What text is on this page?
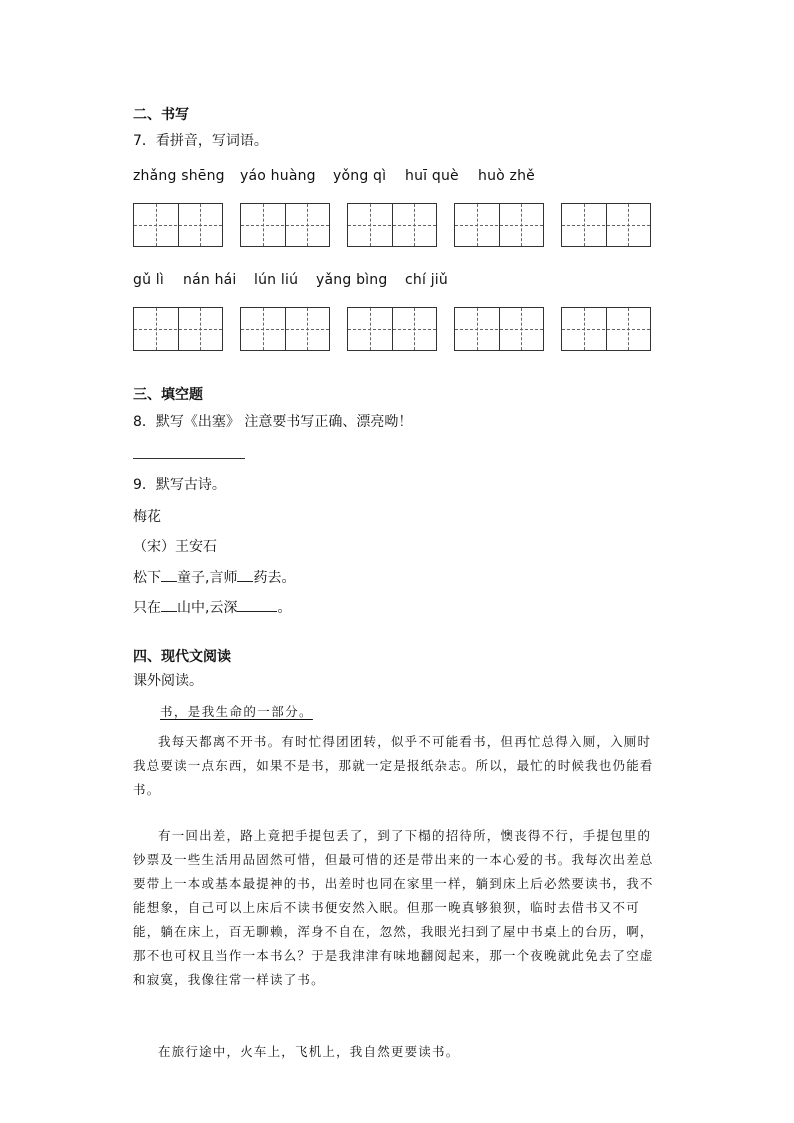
二、书写
7．看拼音，写词语。
zhǎng shēng yáo huàng yǒng qì huī què huò zhě
gǔ lì nán hái lún liú yǎng bìng chí jiǔ
三、填空题
8．默写《出塞》 注意要书写正确、漂亮呦！
9．默写古诗。
梅花
（宋）王安石
松下 童子,言师 药去。
只在 山中,云深	。
四、现代文阅读
课外阅读。
书，是我生命的一部分。
我每天都离不开书。有时忙得团团转，似乎不可能看书，但再忙总得入厕，入厕时我总要读一点东西，如果不是书，那就一定是报纸杂志。所以，最忙的时候我也仍能看书。
有一回出差，路上竟把手提包丢了，到了下榻的招待所，懊丧得不行，手提包里的钞票及一些生活用品固然可惜，但最可惜的还是带出来的一本心爱的书。我每次出差总要带上一本或基本最提神的书，出差时也同在家里一样，躺到床上后必然要读书，我不能想象，自己可以上床后不读书便安然入眠。但那一晚真够狼狈，临时去借书又不可能，躺在床上，百无聊赖，浑身不自在，忽然，我眼光扫到了屋中书桌上的台历，啊，那不也可权且当作一本书么？于是我津津有味地翻阅起来，那一个夜晚就此免去了空虚和寂寞，我像往常一样读了书。
在旅行途中，火车上，飞机上，我自然更要读书。
